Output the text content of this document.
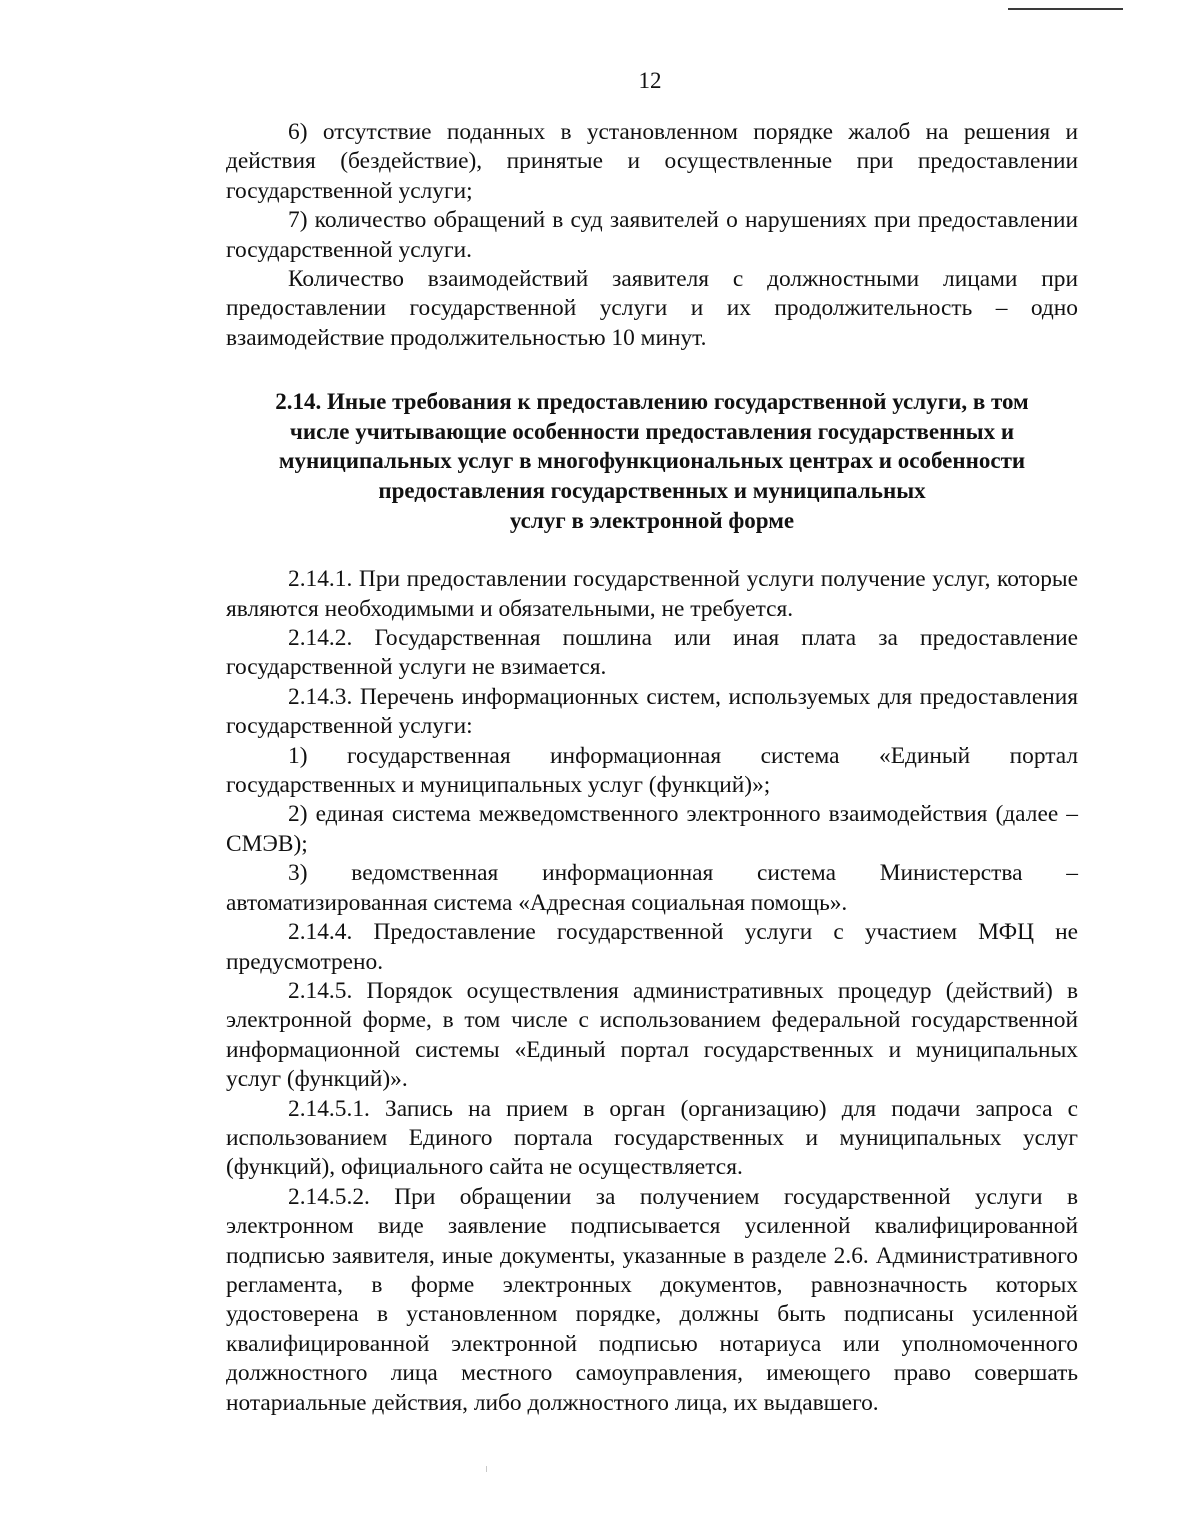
12

6) отсутствие поданных в установленном порядке жалоб на решения и действия (бездействие), принятые и осуществленные при предоставлении государственной услуги;

7) количество обращений в суд заявителей о нарушениях при предоставлении государственной услуги.

Количество взаимодействий заявителя с должностными лицами при предоставлении государственной услуги и их продолжительность – одно взаимодействие продолжительностью 10 минут.

2.14. Иные требования к предоставлению государственной услуги, в том
числе учитывающие особенности предоставления государственных и
муниципальных услуг в многофункциональных центрах и особенности
предоставления государственных и муниципальных
услуг в электронной форме

2.14.1. При предоставлении государственной услуги получение услуг, которые являются необходимыми и обязательными, не требуется.

2.14.2. Государственная пошлина или иная плата за предоставление государственной услуги не взимается.

2.14.3. Перечень информационных систем, используемых для предоставления государственной услуги:

1) государственная информационная система «Единый портал государственных и муниципальных услуг (функций)»;

2) единая система межведомственного электронного взаимодействия (далее – СМЭВ);

3) ведомственная информационная система Министерства – автоматизированная система «Адресная социальная помощь».

2.14.4. Предоставление государственной услуги с участием МФЦ не предусмотрено.

2.14.5. Порядок осуществления административных процедур (действий) в электронной форме, в том числе с использованием федеральной государственной информационной системы «Единый портал государственных и муниципальных услуг (функций)».

2.14.5.1. Запись на прием в орган (организацию) для подачи запроса с использованием Единого портала государственных и муниципальных услуг (функций), официального сайта не осуществляется.

2.14.5.2. При обращении за получением государственной услуги в электронном виде заявление подписывается усиленной квалифицированной подписью заявителя, иные документы, указанные в разделе 2.6. Административного регламента, в форме электронных документов, равнозначность которых удостоверена в установленном порядке, должны быть подписаны усиленной квалифицированной электронной подписью нотариуса или уполномоченного должностного лица местного самоуправления, имеющего право совершать нотариальные действия, либо должностного лица, их выдавшего.
